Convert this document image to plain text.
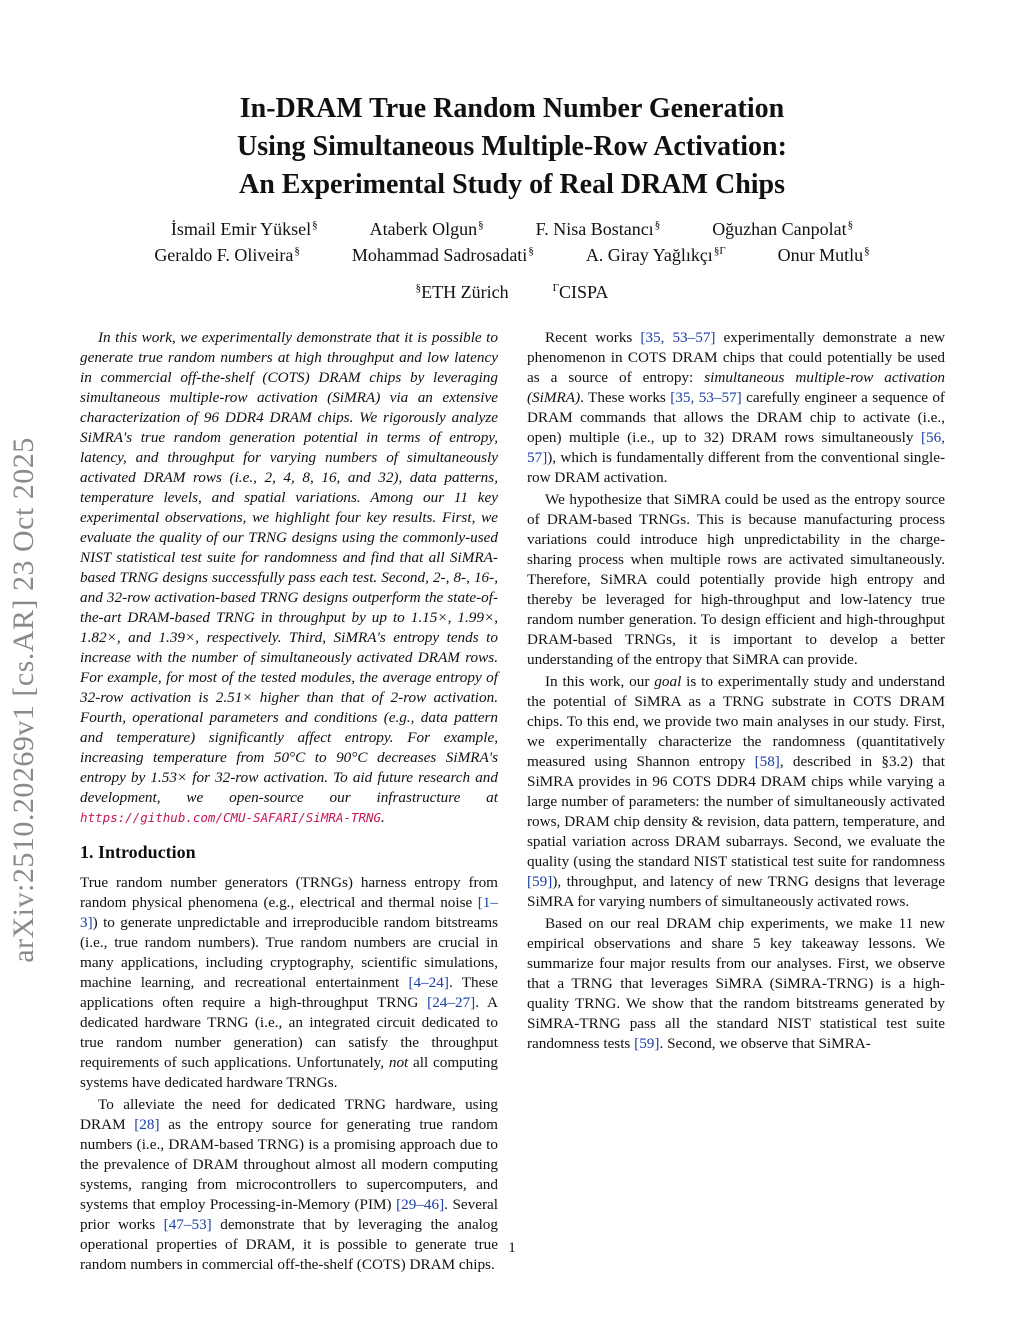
arXiv:2510.20269v1 [cs.AR] 23 Oct 2025
In-DRAM True Random Number Generation
Using Simultaneous Multiple-Row Activation:
An Experimental Study of Real DRAM Chips
İsmail Emir Yüksel§	Ataberk Olgun§	F. Nisa Bostancı§	Oğuzhan Canpolat§
Geraldo F. Oliveira§	Mohammad Sadrosadati§	A. Giray Yağlıkçı$^{\S\Gamma}$	Onur Mutlu§
§ETH Zürich	$^\Gamma$CISPA

In this work, we experimentally demonstrate that it is possible to generate true random numbers at high throughput and low latency in commercial off-the-shelf (COTS) DRAM chips by leveraging simultaneous multiple-row activation (SiMRA) via an extensive characterization of 96 DDR4 DRAM chips. We rigorously analyze SiMRA's true random generation potential in terms of entropy, latency, and throughput for varying numbers of simultaneously activated DRAM rows (i.e., 2, 4, 8, 16, and 32), data patterns, temperature levels, and spatial variations. Among our 11 key experimental observations, we highlight four key results. First, we evaluate the quality of our TRNG designs using the commonly-used NIST statistical test suite for randomness and find that all SiMRA-based TRNG designs successfully pass each test. Second, 2-, 8-, 16-, and 32-row activation-based TRNG designs outperform the state-of-the-art DRAM-based TRNG in throughput by up to 1.15×, 1.99×, 1.82×, and 1.39×, respectively. Third, SiMRA's entropy tends to increase with the number of simultaneously activated DRAM rows. For example, for most of the tested modules, the average entropy of 32-row activation is 2.51× higher than that of 2-row activation. Fourth, operational parameters and conditions (e.g., data pattern and temperature) significantly affect entropy. For example, increasing temperature from 50°C to 90°C decreases SiMRA's entropy by 1.53× for 32-row activation. To aid future research and development, we open-source our infrastructure at https://github.com/CMU-SAFARI/SiMRA-TRNG.

1. Introduction

True random number generators (TRNGs) harness entropy from random physical phenomena (e.g., electrical and thermal noise [1–3]) to generate unpredictable and irreproducible random bitstreams (i.e., true random numbers). True random numbers are crucial in many applications, including cryptography, scientific simulations, machine learning, and recreational entertainment [4–24]. These applications often require a high-throughput TRNG [24–27]. A dedicated hardware TRNG (i.e., an integrated circuit dedicated to true random number generation) can satisfy the throughput requirements of such applications. Unfortunately, not all computing systems have dedicated hardware TRNGs.

To alleviate the need for dedicated TRNG hardware, using DRAM [28] as the entropy source for generating true random numbers (i.e., DRAM-based TRNG) is a promising approach due to the prevalence of DRAM throughout almost all modern computing systems, ranging from microcontrollers to supercomputers, and systems that employ Processing-in-Memory (PIM) [29–46]. Several prior works [47–53] demonstrate that by leveraging the analog operational properties of DRAM, it is possible to generate true random numbers in commercial off-the-shelf (COTS) DRAM chips.

Recent works [35, 53–57] experimentally demonstrate a new phenomenon in COTS DRAM chips that could potentially be used as a source of entropy: simultaneous multiple-row activation (SiMRA). These works [35, 53–57] carefully engineer a sequence of DRAM commands that allows the DRAM chip to activate (i.e., open) multiple (i.e., up to 32) DRAM rows simultaneously [56, 57]), which is fundamentally different from the conventional single-row DRAM activation.

We hypothesize that SiMRA could be used as the entropy source of DRAM-based TRNGs. This is because manufacturing process variations could introduce high unpredictability in the charge-sharing process when multiple rows are activated simultaneously. Therefore, SiMRA could potentially provide high entropy and thereby be leveraged for high-throughput and low-latency true random number generation. To design efficient and high-throughput DRAM-based TRNGs, it is important to develop a better understanding of the entropy that SiMRA can provide.

In this work, our goal is to experimentally study and understand the potential of SiMRA as a TRNG substrate in COTS DRAM chips. To this end, we provide two main analyses in our study. First, we experimentally characterize the randomness (quantitatively measured using Shannon entropy [58], described in §3.2) that SiMRA provides in 96 COTS DDR4 DRAM chips while varying a large number of parameters: the number of simultaneously activated rows, DRAM chip density & revision, data pattern, temperature, and spatial variation across DRAM subarrays. Second, we evaluate the quality (using the standard NIST statistical test suite for randomness [59]), throughput, and latency of new TRNG designs that leverage SiMRA for varying numbers of simultaneously activated rows.

Based on our real DRAM chip experiments, we make 11 new empirical observations and share 5 key takeaway lessons. We summarize four major results from our analyses. First, we observe that a TRNG that leverages SiMRA (SiMRA-TRNG) is a high-quality TRNG. We show that the random bitstreams generated by SiMRA-TRNG pass all the standard NIST statistical test suite randomness tests [59]. Second, we observe that SiMRA-

1
